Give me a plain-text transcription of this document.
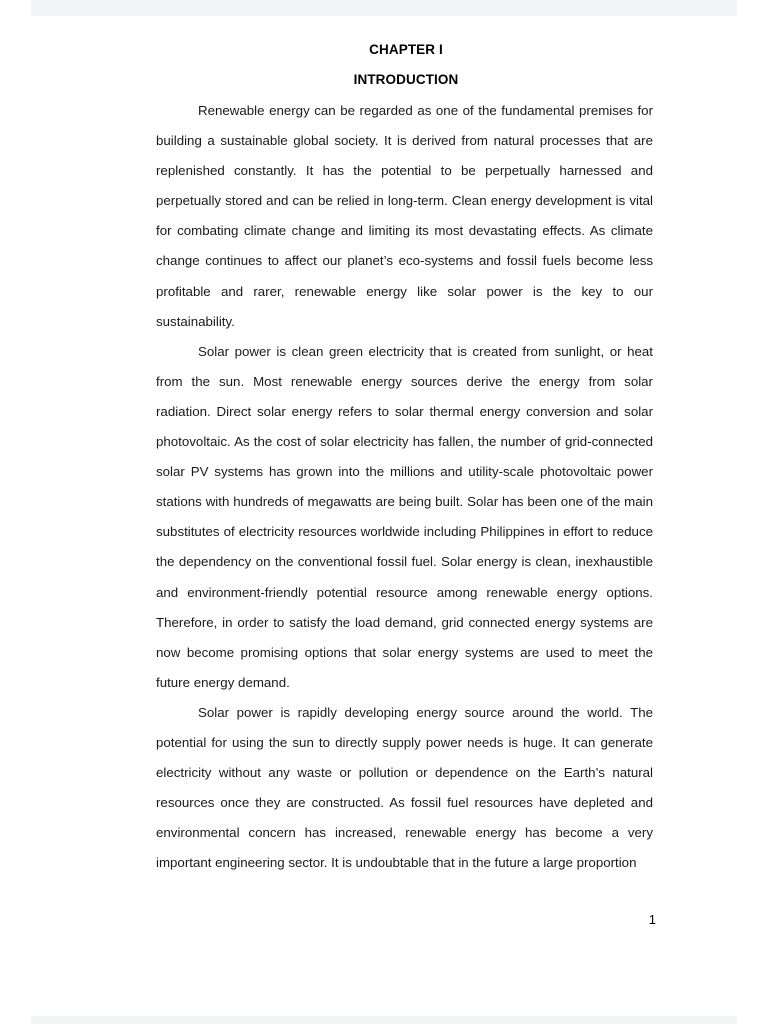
CHAPTER I
INTRODUCTION

Renewable energy can be regarded as one of the fundamental premises for building a sustainable global society. It is derived from natural processes that are replenished constantly. It has the potential to be perpetually harnessed and perpetually stored and can be relied in long-term. Clean energy development is vital for combating climate change and limiting its most devastating effects. As climate change continues to affect our planet’s eco-systems and fossil fuels become less profitable and rarer, renewable energy like solar power is the key to our sustainability.

Solar power is clean green electricity that is created from sunlight, or heat from the sun. Most renewable energy sources derive the energy from solar radiation. Direct solar energy refers to solar thermal energy conversion and solar photovoltaic. As the cost of solar electricity has fallen, the number of grid-connected solar PV systems has grown into the millions and utility-scale photovoltaic power stations with hundreds of megawatts are being built. Solar has been one of the main substitutes of electricity resources worldwide including Philippines in effort to reduce the dependency on the conventional fossil fuel. Solar energy is clean, inexhaustible and environment-friendly potential resource among renewable energy options. Therefore, in order to satisfy the load demand, grid connected energy systems are now become promising options that solar energy systems are used to meet the future energy demand.

Solar power is rapidly developing energy source around the world. The potential for using the sun to directly supply power needs is huge. It can generate electricity without any waste or pollution or dependence on the Earth’s natural resources once they are constructed. As fossil fuel resources have depleted and environmental concern has increased, renewable energy has become a very important engineering sector. It is undoubtable that in the future a large proportion

1
